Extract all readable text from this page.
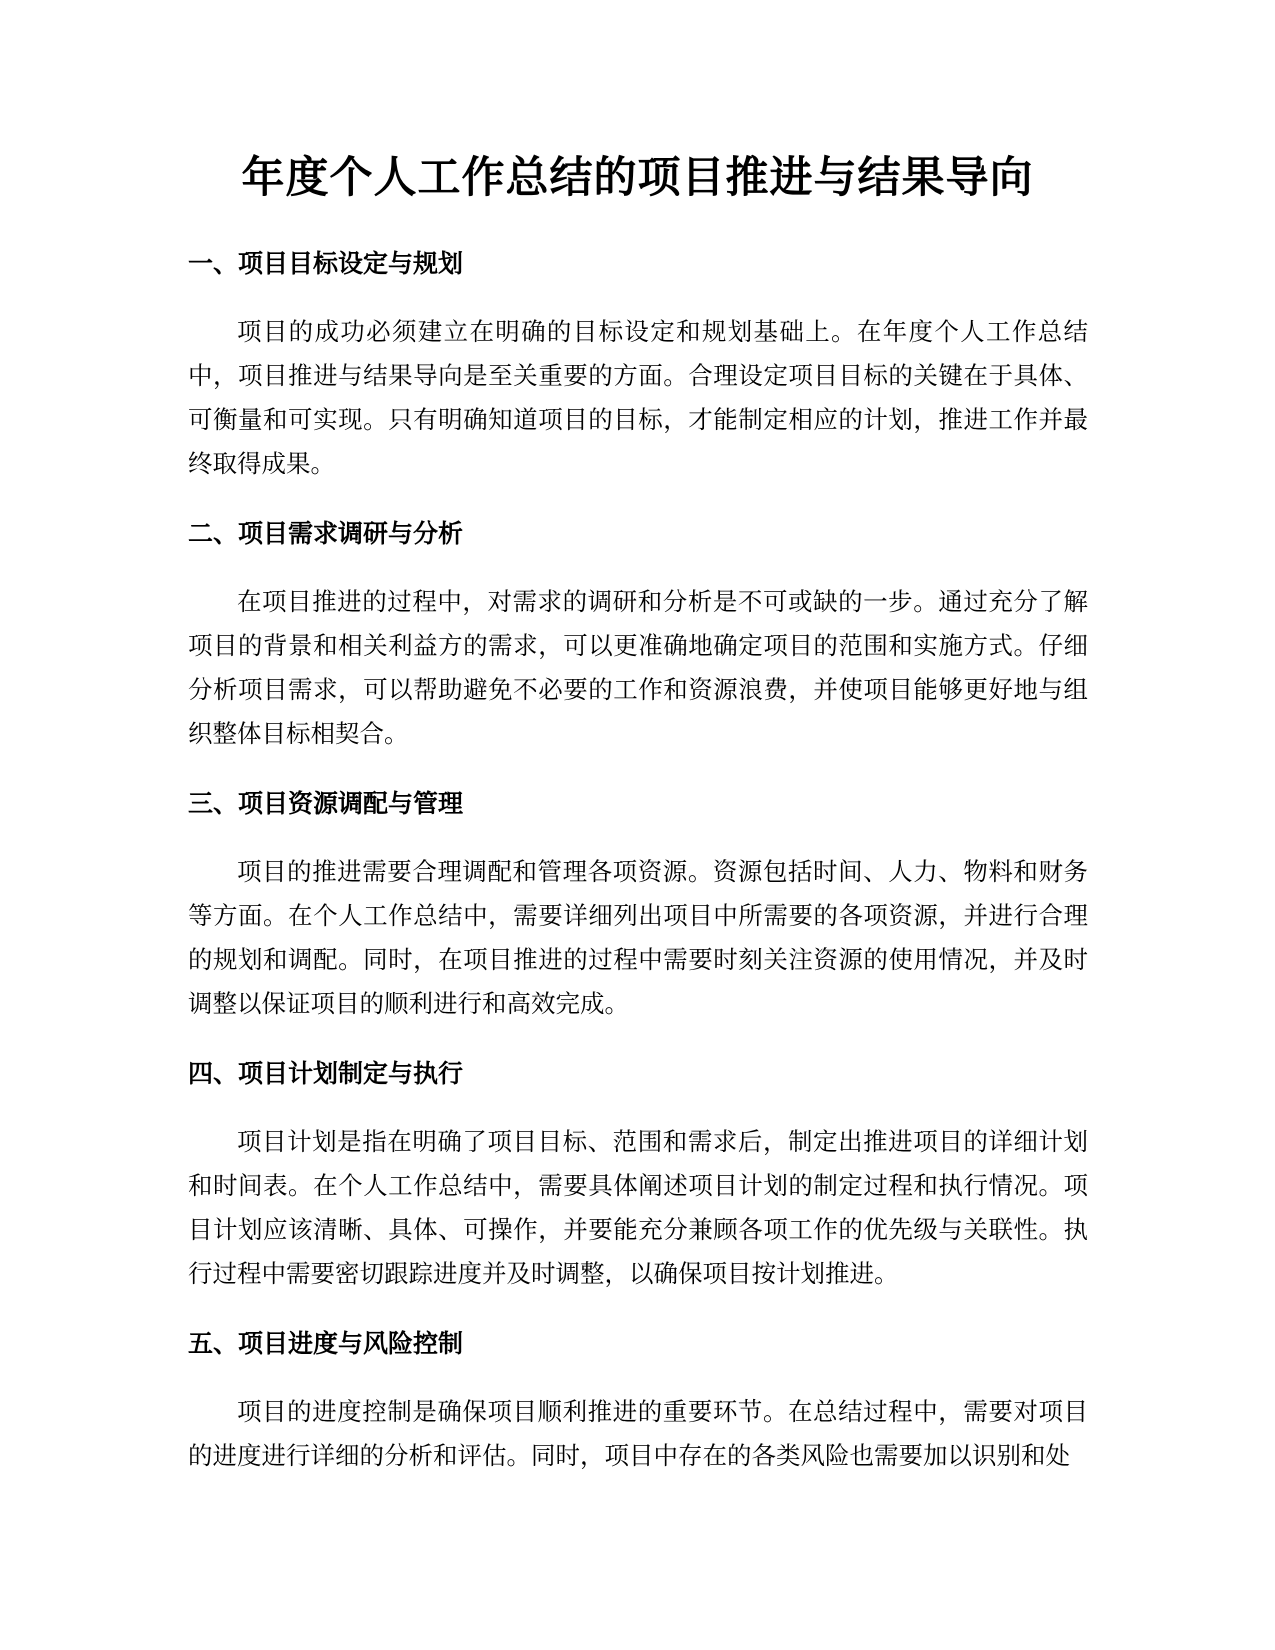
年度个人工作总结的项目推进与结果导向
一、项目目标设定与规划

项目的成功必须建立在明确的目标设定和规划基础上。在年度个人工作总结中，项目推进与结果导向是至关重要的方面。合理设定项目目标的关键在于具体、可衡量和可实现。只有明确知道项目的目标，才能制定相应的计划，推进工作并最终取得成果。

二、项目需求调研与分析

在项目推进的过程中，对需求的调研和分析是不可或缺的一步。通过充分了解项目的背景和相关利益方的需求，可以更准确地确定项目的范围和实施方式。仔细分析项目需求，可以帮助避免不必要的工作和资源浪费，并使项目能够更好地与组织整体目标相契合。

三、项目资源调配与管理

项目的推进需要合理调配和管理各项资源。资源包括时间、人力、物料和财务等方面。在个人工作总结中，需要详细列出项目中所需要的各项资源，并进行合理的规划和调配。同时，在项目推进的过程中需要时刻关注资源的使用情况，并及时调整以保证项目的顺利进行和高效完成。

四、项目计划制定与执行

项目计划是指在明确了项目目标、范围和需求后，制定出推进项目的详细计划和时间表。在个人工作总结中，需要具体阐述项目计划的制定过程和执行情况。项目计划应该清晰、具体、可操作，并要能充分兼顾各项工作的优先级与关联性。执行过程中需要密切跟踪进度并及时调整，以确保项目按计划推进。

五、项目进度与风险控制

项目的进度控制是确保项目顺利推进的重要环节。在总结过程中，需要对项目的进度进行详细的分析和评估。同时，项目中存在的各类风险也需要加以识别和处
